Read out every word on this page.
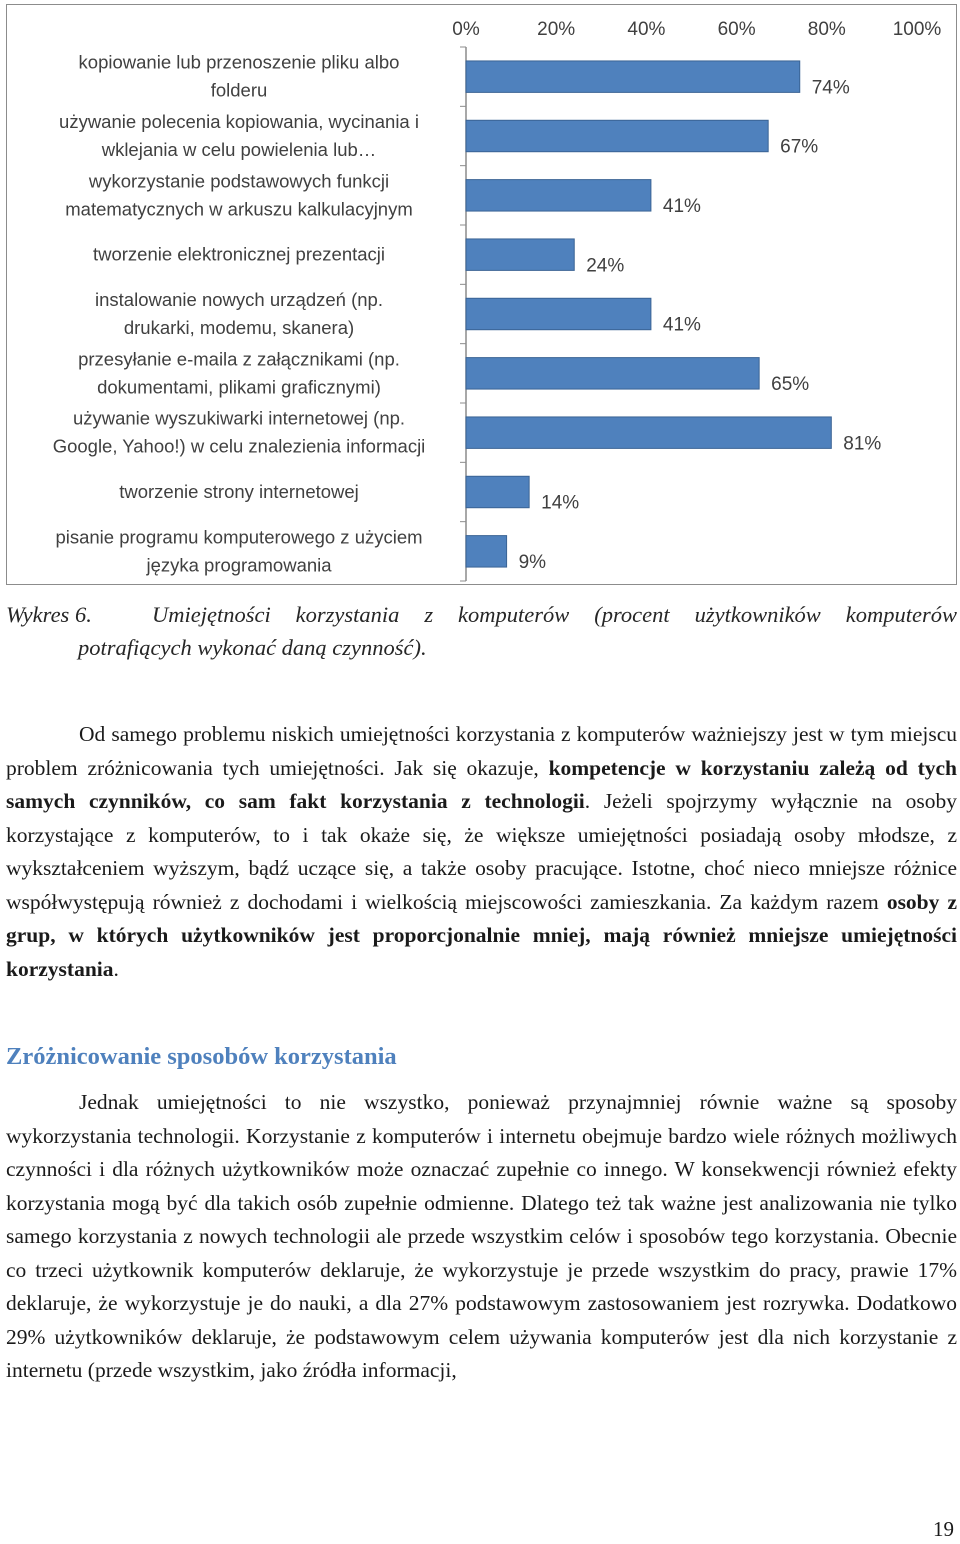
0%	20%	40%	60%	80% 100%
74%
kopiowanie lub przenoszenie pliku albo folderu
67%
używanie polecenia kopiowania, wycinania i wklejania w celu powielenia lub…
41%
wykorzystanie podstawowych funkcji matematycznych w arkuszu kalkulacyjnym
24%
tworzenie elektronicznej prezentacji
41%
instalowanie nowych urządzeń (np. drukarki, modemu, skanera)
65%
przesyłanie e-maila z załącznikami (np. dokumentami, plikami graficznymi)
81%
używanie wyszukiwarki internetowej (np. Google, Yahoo!) w celu znalezienia informacji
14%
tworzenie strony internetowej
9%
pisanie programu komputerowego z użyciem języka programowania
Wykres 6.	Umiejętności korzystania z komputerów (procent użytkowników komputerów
potrafiących wykonać daną czynność).

Od samego problemu niskich umiejętności korzystania z komputerów ważniejszy jest w tym miejscu problem zróżnicowania tych umiejętności. Jak się okazuje, kompetencje w korzystaniu zależą od tych samych czynników, co sam fakt korzystania z technologii. Jeżeli spojrzymy wyłącznie na osoby korzystające z komputerów, to i tak okaże się, że większe umiejętności posiadają osoby młodsze, z wykształceniem wyższym, bądź uczące się, a także osoby pracujące. Istotne, choć nieco mniejsze różnice współwystępują również z dochodami i wielkością miejscowości zamieszkania. Za każdym razem osoby z grup, w których użytkowników jest proporcjonalnie mniej, mają również mniejsze umiejętności korzystania.

Zróżnicowanie sposobów korzystania

Jednak umiejętności to nie wszystko, ponieważ przynajmniej równie ważne są sposoby wykorzystania technologii. Korzystanie z komputerów i internetu obejmuje bardzo wiele różnych możliwych czynności i dla różnych użytkowników może oznaczać zupełnie co innego. W konsekwencji również efekty korzystania mogą być dla takich osób zupełnie odmienne. Dlatego też tak ważne jest analizowania nie tylko samego korzystania z nowych technologii ale przede wszystkim celów i sposobów tego korzystania. Obecnie co trzeci użytkownik komputerów deklaruje, że wykorzystuje je przede wszystkim do pracy, prawie 17% deklaruje, że wykorzystuje je do nauki, a dla 27% podstawowym zastosowaniem jest rozrywka. Dodatkowo 29% użytkowników deklaruje, że podstawowym celem używania komputerów jest dla nich korzystanie z internetu (przede wszystkim, jako źródła informacji,

19
